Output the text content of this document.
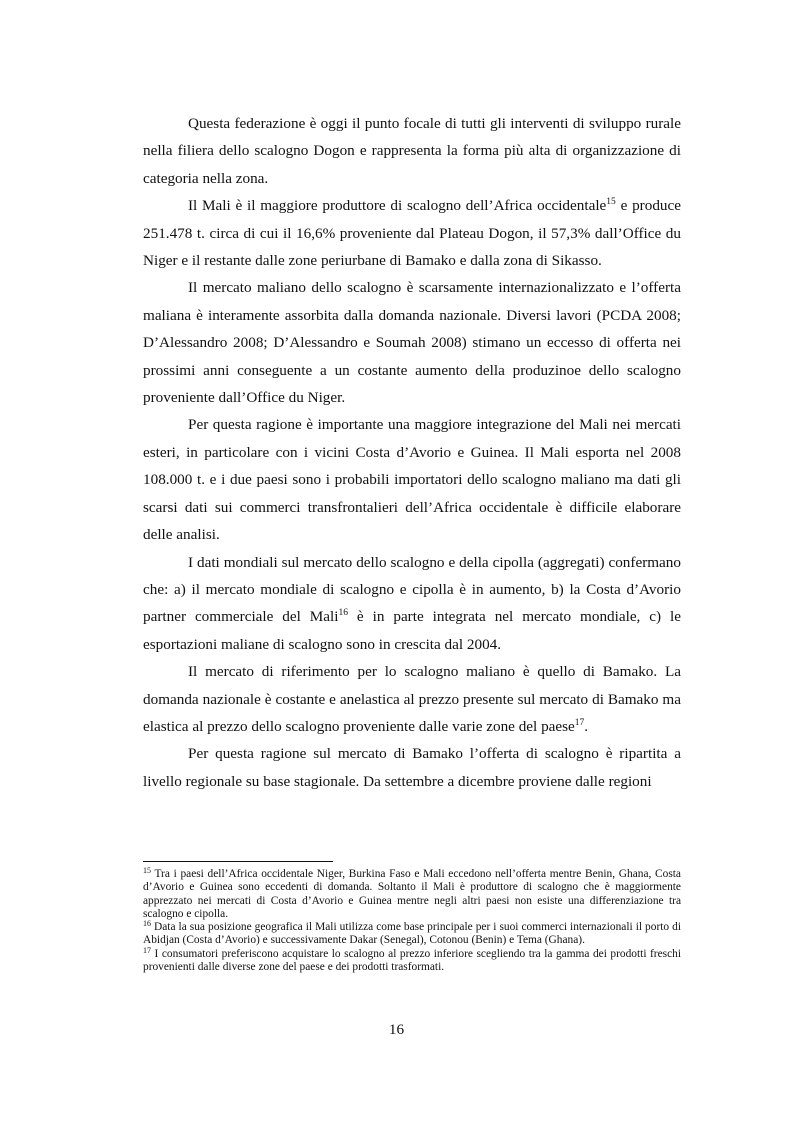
Questa federazione è oggi il punto focale di tutti gli interventi di sviluppo rurale nella filiera dello scalogno Dogon e rappresenta la forma più alta di organizzazione di categoria nella zona.

Il Mali è il maggiore produttore di scalogno dell’Africa occidentale$^{15}$ e produce 251.478 t. circa di cui il 16,6% proveniente dal Plateau Dogon, il 57,3% dall’Office du Niger e il restante dalle zone periurbane di Bamako e dalla zona di Sikasso.

Il mercato maliano dello scalogno è scarsamente internazionalizzato e l’offerta maliana è interamente assorbita dalla domanda nazionale. Diversi lavori (PCDA 2008; D’Alessandro 2008; D’Alessandro e Soumah 2008) stimano un eccesso di offerta nei prossimi anni conseguente a un costante aumento della produzinoe dello scalogno proveniente dall’Office du Niger.

Per questa ragione è importante una maggiore integrazione del Mali nei mercati esteri, in particolare con i vicini Costa d’Avorio e Guinea. Il Mali esporta nel 2008 108.000 t. e i due paesi sono i probabili importatori dello scalogno maliano ma dati gli scarsi dati sui commerci transfrontalieri dell’Africa occidentale è difficile elaborare delle analisi.

I dati mondiali sul mercato dello scalogno e della cipolla (aggregati) confermano che: a) il mercato mondiale di scalogno e cipolla è in aumento, b) la Costa d’Avorio partner commerciale del Mali$^{16}$ è in parte integrata nel mercato mondiale, c) le esportazioni maliane di scalogno sono in crescita dal 2004.

Il mercato di riferimento per lo scalogno maliano è quello di Bamako. La domanda nazionale è costante e anelastica al prezzo presente sul mercato di Bamako ma elastica al prezzo dello scalogno proveniente dalle varie zone del paese$^{17}$.

Per questa ragione sul mercato di Bamako l’offerta di scalogno è ripartita a livello regionale su base stagionale. Da settembre a dicembre proviene dalle regioni

$^{15}$ Tra i paesi dell’Africa occidentale Niger, Burkina Faso e Mali eccedono nell’offerta mentre Benin, Ghana, Costa d’Avorio e Guinea sono eccedenti di domanda. Soltanto il Mali è produttore di scalogno che è maggiormente apprezzato nei mercati di Costa d’Avorio e Guinea mentre negli altri paesi non esiste una differenziazione tra scalogno e cipolla.

$^{16}$ Data la sua posizione geografica il Mali utilizza come base principale per i suoi commerci internazionali il porto di Abidjan (Costa d’Avorio) e successivamente Dakar (Senegal), Cotonou (Benin) e Tema (Ghana).

$^{17}$ I consumatori preferiscono acquistare lo scalogno al prezzo inferiore scegliendo tra la gamma dei prodotti freschi provenienti dalle diverse zone del paese e dei prodotti trasformati.

16
